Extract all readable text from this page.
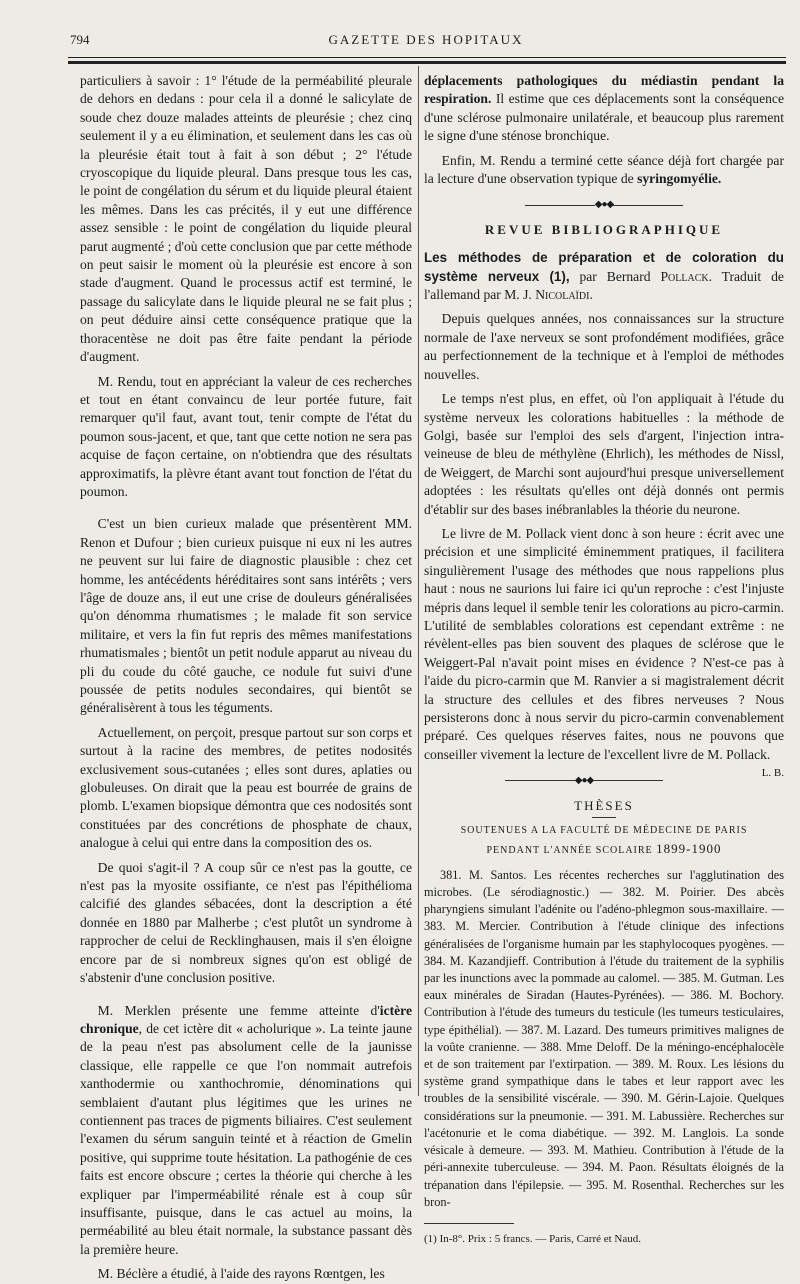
794	GAZETTE DES HOPITAUX

particuliers à savoir : 1° l'étude de la perméabilité pleurale de dehors en dedans : pour cela il a donné le salicylate de soude chez douze malades atteints de pleurésie ; chez cinq seulement il y a eu élimination, et seulement dans les cas où la pleurésie était tout à fait à son début ; 2° l'étude cryoscopique du liquide pleural. Dans presque tous les cas, le point de congélation du sérum et du liquide pleural étaient les mêmes. Dans les cas précités, il y eut une différence assez sensible : le point de congélation du liquide pleural parut augmenté ; d'où cette conclusion que par cette méthode on peut saisir le moment où la pleurésie est encore à son stade d'augment. Quand le processus actif est terminé, le passage du salicylate dans le liquide pleural ne se fait plus ; on peut déduire ainsi cette conséquence pratique que la thoracentèse ne doit pas être faite pendant la période d'augment.

M. Rendu, tout en appréciant la valeur de ces recherches et tout en étant convaincu de leur portée future, fait remarquer qu'il faut, avant tout, tenir compte de l'état du poumon sous-jacent, et que, tant que cette notion ne sera pas acquise de façon certaine, on n'obtiendra que des résultats approximatifs, la plèvre étant avant tout fonction de l'état du poumon.

C'est un bien curieux malade que présentèrent MM. Renon et Dufour ; bien curieux puisque ni eux ni les autres ne peuvent sur lui faire de diagnostic plausible : chez cet homme, les antécédents héréditaires sont sans intérêts ; vers l'âge de douze ans, il eut une crise de douleurs généralisées qu'on dénomma rhumatismes ; le malade fit son service militaire, et vers la fin fut repris des mêmes manifestations rhumatismales ; bientôt un petit nodule apparut au niveau du pli du coude du côté gauche, ce nodule fut suivi d'une poussée de petits nodules secondaires, qui bientôt se généralisèrent à tous les téguments.

Actuellement, on perçoit, presque partout sur son corps et surtout à la racine des membres, de petites nodosités exclusivement sous-cutanées ; elles sont dures, aplaties ou globuleuses. On dirait que la peau est bourrée de grains de plomb. L'examen biopsique démontra que ces nodosités sont constituées par des concrétions de phosphate de chaux, analogue à celui qui entre dans la composition des os.

De quoi s'agit-il ? A coup sûr ce n'est pas la goutte, ce n'est pas la myosite ossifiante, ce n'est pas l'épithélioma calcifié des glandes sébacées, dont la description a été donnée en 1880 par Malherbe ; c'est plutôt un syndrome à rapprocher de celui de Recklinghausen, mais il s'en éloigne encore par de si nombreux signes qu'on est obligé de s'abstenir d'une conclusion positive.

M. Merklen présente une femme atteinte d'ictère chronique, de cet ictère dit « acholurique ». La teinte jaune de la peau n'est pas absolument celle de la jaunisse classique, elle rappelle ce que l'on nommait autrefois xanthodermie ou xanthochromie, dénominations qui semblaient d'autant plus légitimes que les urines ne contiennent pas traces de pigments biliaires. C'est seulement l'examen du sérum sanguin teinté et à réaction de Gmelin positive, qui supprime toute hésitation. La pathogénie de ces faits est encore obscure ; certes la théorie qui cherche à les expliquer par l'imperméabilité rénale est à coup sûr insuffisante, puisque, dans le cas actuel au moins, la perméabilité au bleu était normale, la substance passant dès la première heure.

M. Béclère a étudié, à l'aide des rayons Rœntgen, les

déplacements pathologiques du médiastin pendant la respiration. Il estime que ces déplacements sont la conséquence d'une sclérose pulmonaire unilatérale, et beaucoup plus rarement le signe d'une sténose bronchique.

Enfin, M. Rendu a terminé cette séance déjà fort chargée par la lecture d'une observation typique de syringomyélie.

◆●◆
REVUE BIBLIOGRAPHIQUE

Les méthodes de préparation et de coloration du système nerveux (1), par Bernard Pollack. Traduit de l'allemand par M. J. Nicolaïdi.

Depuis quelques années, nos connaissances sur la structure normale de l'axe nerveux se sont profondément modifiées, grâce au perfectionnement de la technique et à l'emploi de méthodes nouvelles.

Le temps n'est plus, en effet, où l'on appliquait à l'étude du système nerveux les colorations habituelles : la méthode de Golgi, basée sur l'emploi des sels d'argent, l'injection intra-veineuse de bleu de méthylène (Ehrlich), les méthodes de Nissl, de Weiggert, de Marchi sont aujourd'hui presque universellement adoptées : les résultats qu'elles ont déjà donnés ont permis d'établir sur des bases inébranlables la théorie du neurone.

Le livre de M. Pollack vient donc à son heure : écrit avec une précision et une simplicité éminemment pratiques, il facilitera singulièrement l'usage des méthodes que nous rappelions plus haut : nous ne saurions lui faire ici qu'un reproche : c'est l'injuste mépris dans lequel il semble tenir les colorations au picro-carmin. L'utilité de semblables colorations est cependant extrême : ne révèlent-elles pas bien souvent des plaques de sclérose que le Weiggert-Pal n'avait point mises en évidence ? N'est-ce pas à l'aide du picro-carmin que M. Ranvier a si magistralement décrit la structure des cellules et des fibres nerveuses ? Nous persisterons donc à nous servir du picro-carmin convenablement préparé. Ces quelques réserves faites, nous ne pouvons que conseiller vivement la lecture de l'excellent livre de M. Pollack.
L. B.

◆●◆
THÈSES
SOUTENUES A LA FACULTÉ DE MÉDECINE DE PARIS
PENDANT L'ANNÉE SCOLAIRE 1899-1900

381. M. Santos. Les récentes recherches sur l'agglutination des microbes. (Le sérodiagnostic.) — 382. M. Poirier. Des abcès pharyngiens simulant l'adénite ou l'adéno-phlegmon sous-maxillaire. — 383. M. Mercier. Contribution à l'étude clinique des infections généralisées de l'organisme humain par les staphylocoques pyogènes. — 384. M. Kazandjieff. Contribution à l'étude du traitement de la syphilis par les inunctions avec la pommade au calomel. — 385. M. Gutman. Les eaux minérales de Siradan (Hautes-Pyrénées). — 386. M. Bochory. Contribution à l'étude des tumeurs du testicule (les tumeurs testiculaires, type épithélial). — 387. M. Lazard. Des tumeurs primitives malignes de la voûte cranienne. — 388. Mme Deloff. De la méningo-encéphalocèle et de son traitement par l'extirpation. — 389. M. Roux. Les lésions du système grand sympathique dans le tabes et leur rapport avec les troubles de la sensibilité viscérale. — 390. M. Gérin-Lajoie. Quelques considérations sur la pneumonie. — 391. M. Labussière. Recherches sur l'acétonurie et le coma diabétique. — 392. M. Langlois. La sonde vésicale à demeure. — 393. M. Mathieu. Contribution à l'étude de la péri-annexite tuberculeuse. — 394. M. Paon. Résultats éloignés de la trépanation dans l'épilepsie. — 395. M. Rosenthal. Recherches sur les bron-

(1) In-8°. Prix : 5 francs. — Paris, Carré et Naud.
